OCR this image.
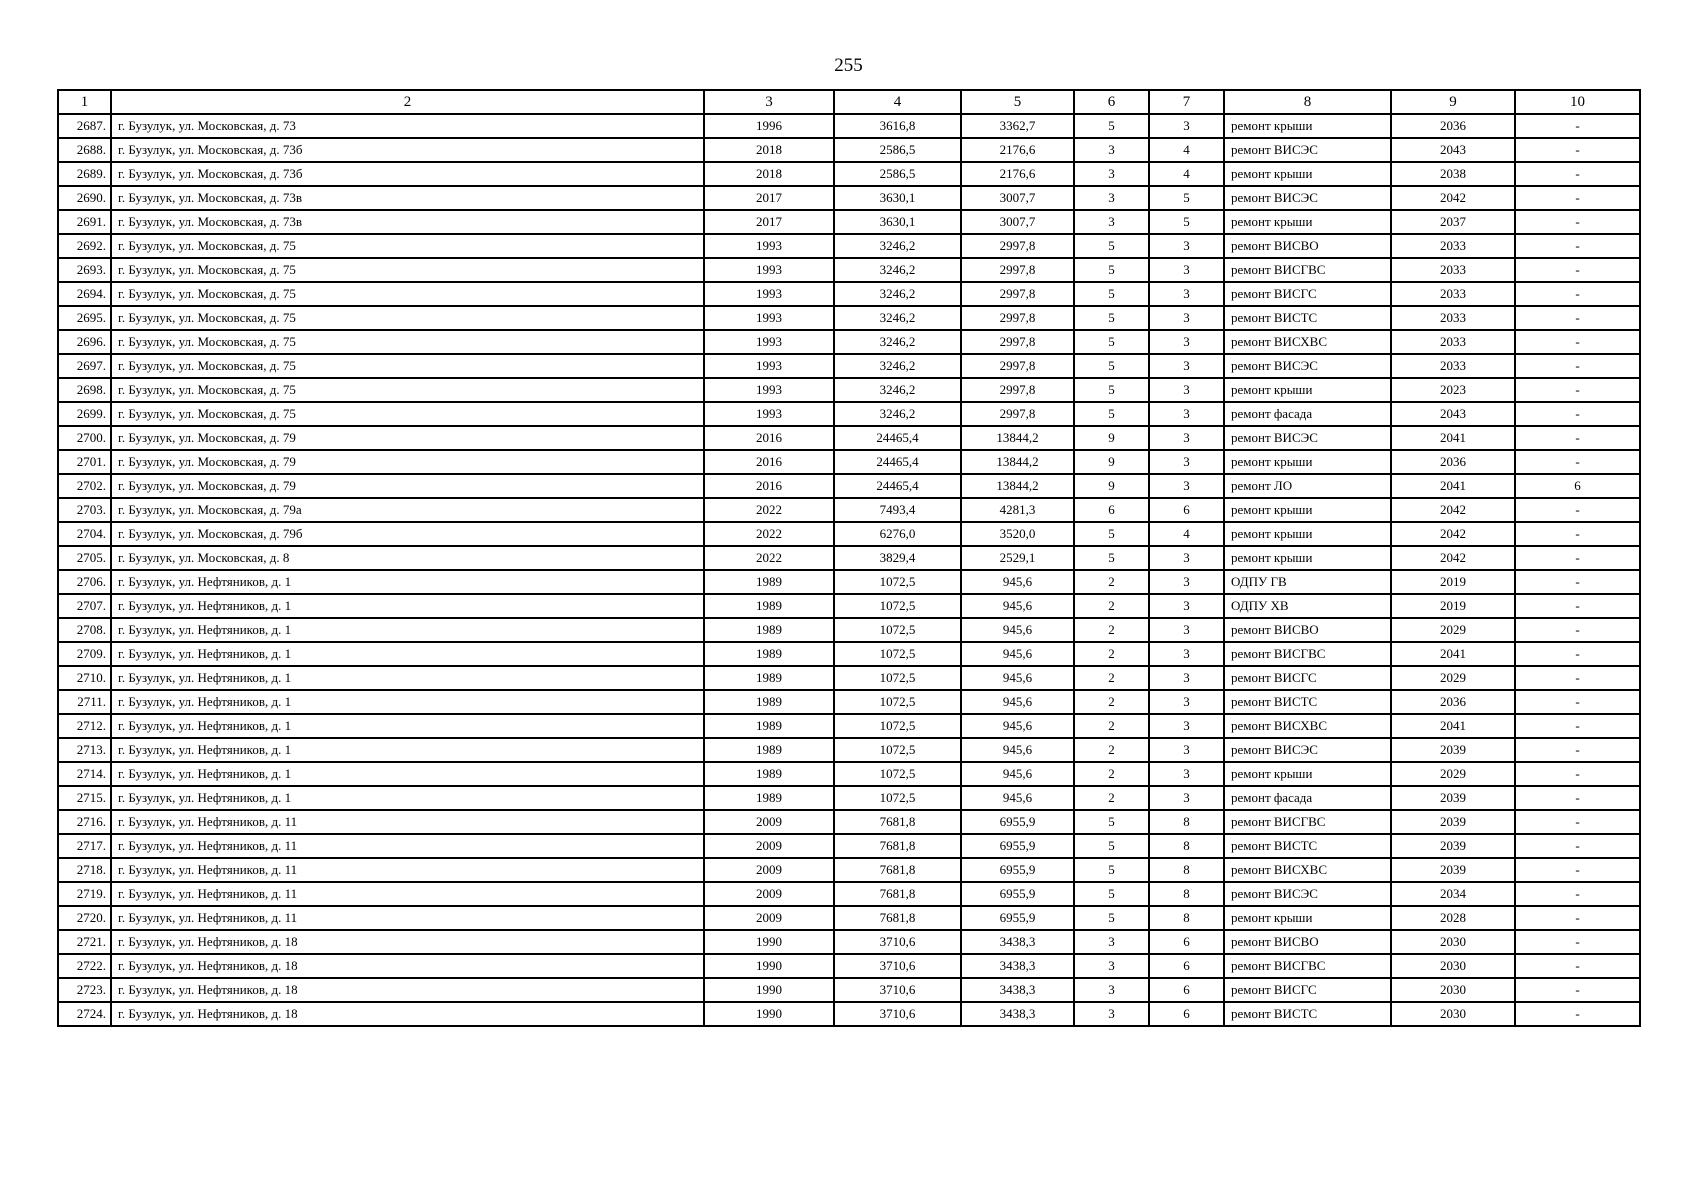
255
1	2	3	4	5	6	7	8	9	10
2687.	г. Бузулук, ул. Московская, д. 73	1996	3616,8	3362,7	5	3	ремонт крыши	2036	-
2688.	г. Бузулук, ул. Московская, д. 73б	2018	2586,5	2176,6	3	4	ремонт ВИСЭС	2043	-
2689.	г. Бузулук, ул. Московская, д. 73б	2018	2586,5	2176,6	3	4	ремонт крыши	2038	-
2690.	г. Бузулук, ул. Московская, д. 73в	2017	3630,1	3007,7	3	5	ремонт ВИСЭС	2042	-
2691.	г. Бузулук, ул. Московская, д. 73в	2017	3630,1	3007,7	3	5	ремонт крыши	2037	-
2692.	г. Бузулук, ул. Московская, д. 75	1993	3246,2	2997,8	5	3	ремонт ВИСВО	2033	-
2693.	г. Бузулук, ул. Московская, д. 75	1993	3246,2	2997,8	5	3	ремонт ВИСГВС	2033	-
2694.	г. Бузулук, ул. Московская, д. 75	1993	3246,2	2997,8	5	3	ремонт ВИСГС	2033	-
2695.	г. Бузулук, ул. Московская, д. 75	1993	3246,2	2997,8	5	3	ремонт ВИСТС	2033	-
2696.	г. Бузулук, ул. Московская, д. 75	1993	3246,2	2997,8	5	3	ремонт ВИСХВС	2033	-
2697.	г. Бузулук, ул. Московская, д. 75	1993	3246,2	2997,8	5	3	ремонт ВИСЭС	2033	-
2698.	г. Бузулук, ул. Московская, д. 75	1993	3246,2	2997,8	5	3	ремонт крыши	2023	-
2699.	г. Бузулук, ул. Московская, д. 75	1993	3246,2	2997,8	5	3	ремонт фасада	2043	-
2700.	г. Бузулук, ул. Московская, д. 79	2016	24465,4	13844,2	9	3	ремонт ВИСЭС	2041	-
2701.	г. Бузулук, ул. Московская, д. 79	2016	24465,4	13844,2	9	3	ремонт крыши	2036	-
2702.	г. Бузулук, ул. Московская, д. 79	2016	24465,4	13844,2	9	3	ремонт ЛО	2041	6
2703.	г. Бузулук, ул. Московская, д. 79а	2022	7493,4	4281,3	6	6	ремонт крыши	2042	-
2704.	г. Бузулук, ул. Московская, д. 79б	2022	6276,0	3520,0	5	4	ремонт крыши	2042	-
2705.	г. Бузулук, ул. Московская, д. 8	2022	3829,4	2529,1	5	3	ремонт крыши	2042	-
2706.	г. Бузулук, ул. Нефтяников, д. 1	1989	1072,5	945,6	2	3	ОДПУ ГВ	2019	-
2707.	г. Бузулук, ул. Нефтяников, д. 1	1989	1072,5	945,6	2	3	ОДПУ ХВ	2019	-
2708.	г. Бузулук, ул. Нефтяников, д. 1	1989	1072,5	945,6	2	3	ремонт ВИСВО	2029	-
2709.	г. Бузулук, ул. Нефтяников, д. 1	1989	1072,5	945,6	2	3	ремонт ВИСГВС	2041	-
2710.	г. Бузулук, ул. Нефтяников, д. 1	1989	1072,5	945,6	2	3	ремонт ВИСГС	2029	-
2711.	г. Бузулук, ул. Нефтяников, д. 1	1989	1072,5	945,6	2	3	ремонт ВИСТС	2036	-
2712.	г. Бузулук, ул. Нефтяников, д. 1	1989	1072,5	945,6	2	3	ремонт ВИСХВС	2041	-
2713.	г. Бузулук, ул. Нефтяников, д. 1	1989	1072,5	945,6	2	3	ремонт ВИСЭС	2039	-
2714.	г. Бузулук, ул. Нефтяников, д. 1	1989	1072,5	945,6	2	3	ремонт крыши	2029	-
2715.	г. Бузулук, ул. Нефтяников, д. 1	1989	1072,5	945,6	2	3	ремонт фасада	2039	-
2716.	г. Бузулук, ул. Нефтяников, д. 11	2009	7681,8	6955,9	5	8	ремонт ВИСГВС	2039	-
2717.	г. Бузулук, ул. Нефтяников, д. 11	2009	7681,8	6955,9	5	8	ремонт ВИСТС	2039	-
2718.	г. Бузулук, ул. Нефтяников, д. 11	2009	7681,8	6955,9	5	8	ремонт ВИСХВС	2039	-
2719.	г. Бузулук, ул. Нефтяников, д. 11	2009	7681,8	6955,9	5	8	ремонт ВИСЭС	2034	-
2720.	г. Бузулук, ул. Нефтяников, д. 11	2009	7681,8	6955,9	5	8	ремонт крыши	2028	-
2721.	г. Бузулук, ул. Нефтяников, д. 18	1990	3710,6	3438,3	3	6	ремонт ВИСВО	2030	-
2722.	г. Бузулук, ул. Нефтяников, д. 18	1990	3710,6	3438,3	3	6	ремонт ВИСГВС	2030	-
2723.	г. Бузулук, ул. Нефтяников, д. 18	1990	3710,6	3438,3	3	6	ремонт ВИСГС	2030	-
2724.	г. Бузулук, ул. Нефтяников, д. 18	1990	3710,6	3438,3	3	6	ремонт ВИСТС	2030	-
